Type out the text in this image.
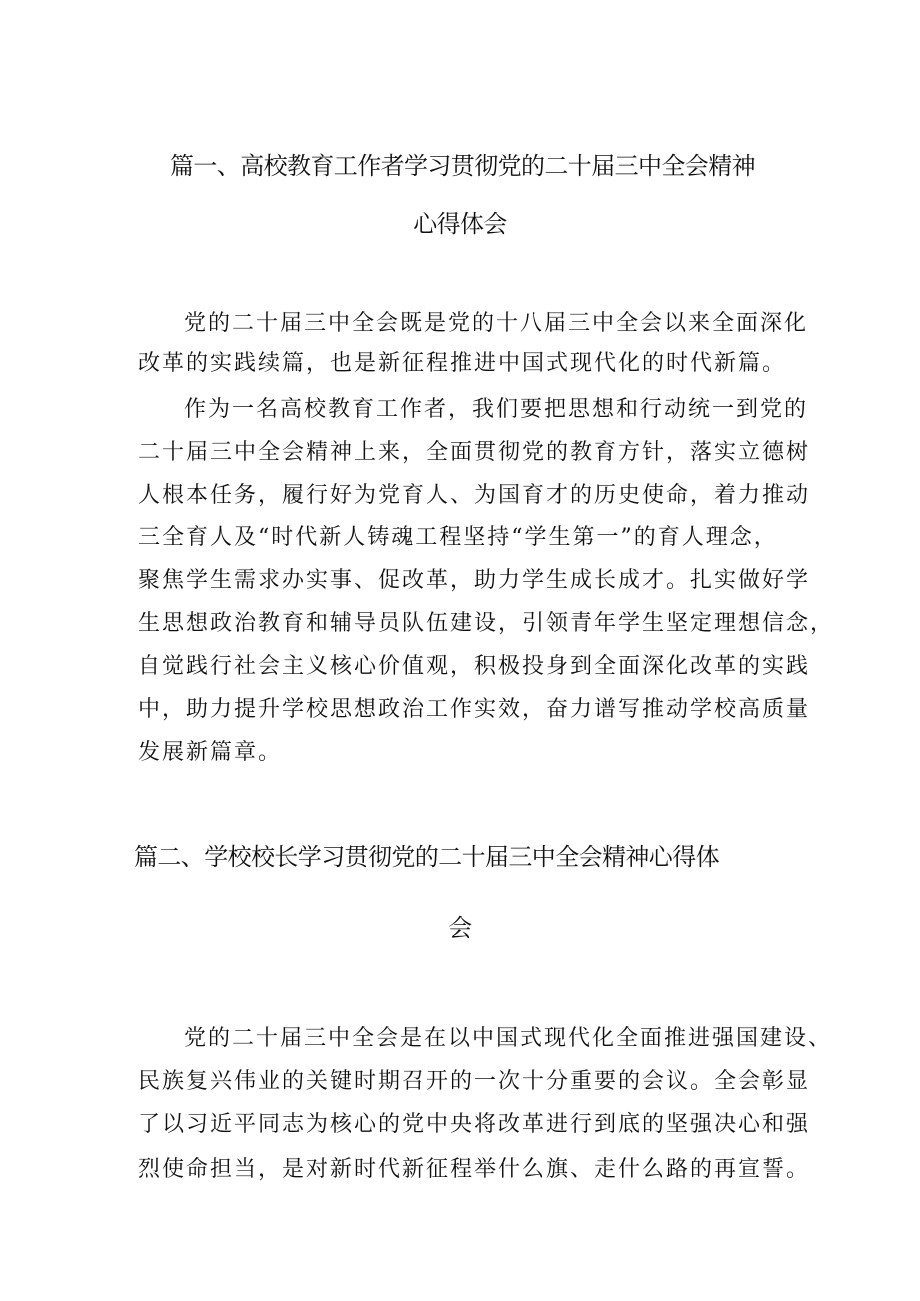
篇一、高校教育工作者学习贯彻党的二十届三中全会精神
心得体会
党的二十届三中全会既是党的十八届三中全会以来全面深化
改革的实践续篇，也是新征程推进中国式现代化的时代新篇。
作为一名高校教育工作者，我们要把思想和行动统一到党的
二十届三中全会精神上来，全面贯彻党的教育方针，落实立德树
人根本任务，履行好为党育人、为国育才的历史使命，着力推动
三全育人及“时代新人铸魂工程坚持“学生第一”的育人理念，
聚焦学生需求办实事、促改革，助力学生成长成才。扎实做好学
生思想政治教育和辅导员队伍建设，引领青年学生坚定理想信念，
自觉践行社会主义核心价值观，积极投身到全面深化改革的实践
中，助力提升学校思想政治工作实效，奋力谱写推动学校高质量
发展新篇章。
篇二、学校校长学习贯彻党的二十届三中全会精神心得体
会
党的二十届三中全会是在以中国式现代化全面推进强国建设、
民族复兴伟业的关键时期召开的一次十分重要的会议。全会彰显
了以习近平同志为核心的党中央将改革进行到底的坚强决心和强
烈使命担当，是对新时代新征程举什么旗、走什么路的再宣誓。
